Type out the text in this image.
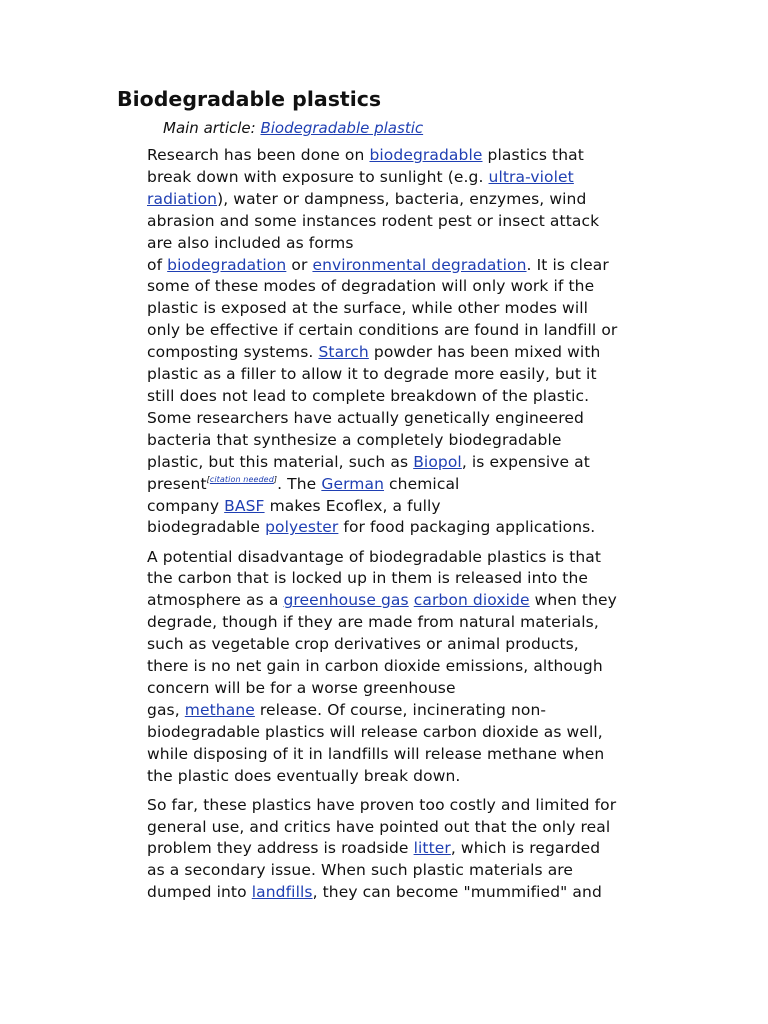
Biodegradable plastics
Main article: Biodegradable plastic

Research has been done on biodegradable plastics that
break down with exposure to sunlight (e.g. ultra-violet
radiation), water or dampness, bacteria, enzymes, wind
abrasion and some instances rodent pest or insect attack
are also included as forms
of biodegradation or environmental degradation. It is clear
some of these modes of degradation will only work if the
plastic is exposed at the surface, while other modes will
only be effective if certain conditions are found in landfill or
composting systems. Starch powder has been mixed with
plastic as a filler to allow it to degrade more easily, but it
still does not lead to complete breakdown of the plastic.
Some researchers have actually genetically engineered
bacteria that synthesize a completely biodegradable
plastic, but this material, such as Biopol, is expensive at
present[citation needed]. The German chemical
company BASF makes Ecoflex, a fully
biodegradable polyester for food packaging applications.

A potential disadvantage of biodegradable plastics is that
the carbon that is locked up in them is released into the
atmosphere as a greenhouse gas carbon dioxide when they
degrade, though if they are made from natural materials,
such as vegetable crop derivatives or animal products,
there is no net gain in carbon dioxide emissions, although
concern will be for a worse greenhouse
gas, methane release. Of course, incinerating non-
biodegradable plastics will release carbon dioxide as well,
while disposing of it in landfills will release methane when
the plastic does eventually break down.

So far, these plastics have proven too costly and limited for
general use, and critics have pointed out that the only real
problem they address is roadside litter, which is regarded
as a secondary issue. When such plastic materials are
dumped into landfills, they can become "mummified" and
